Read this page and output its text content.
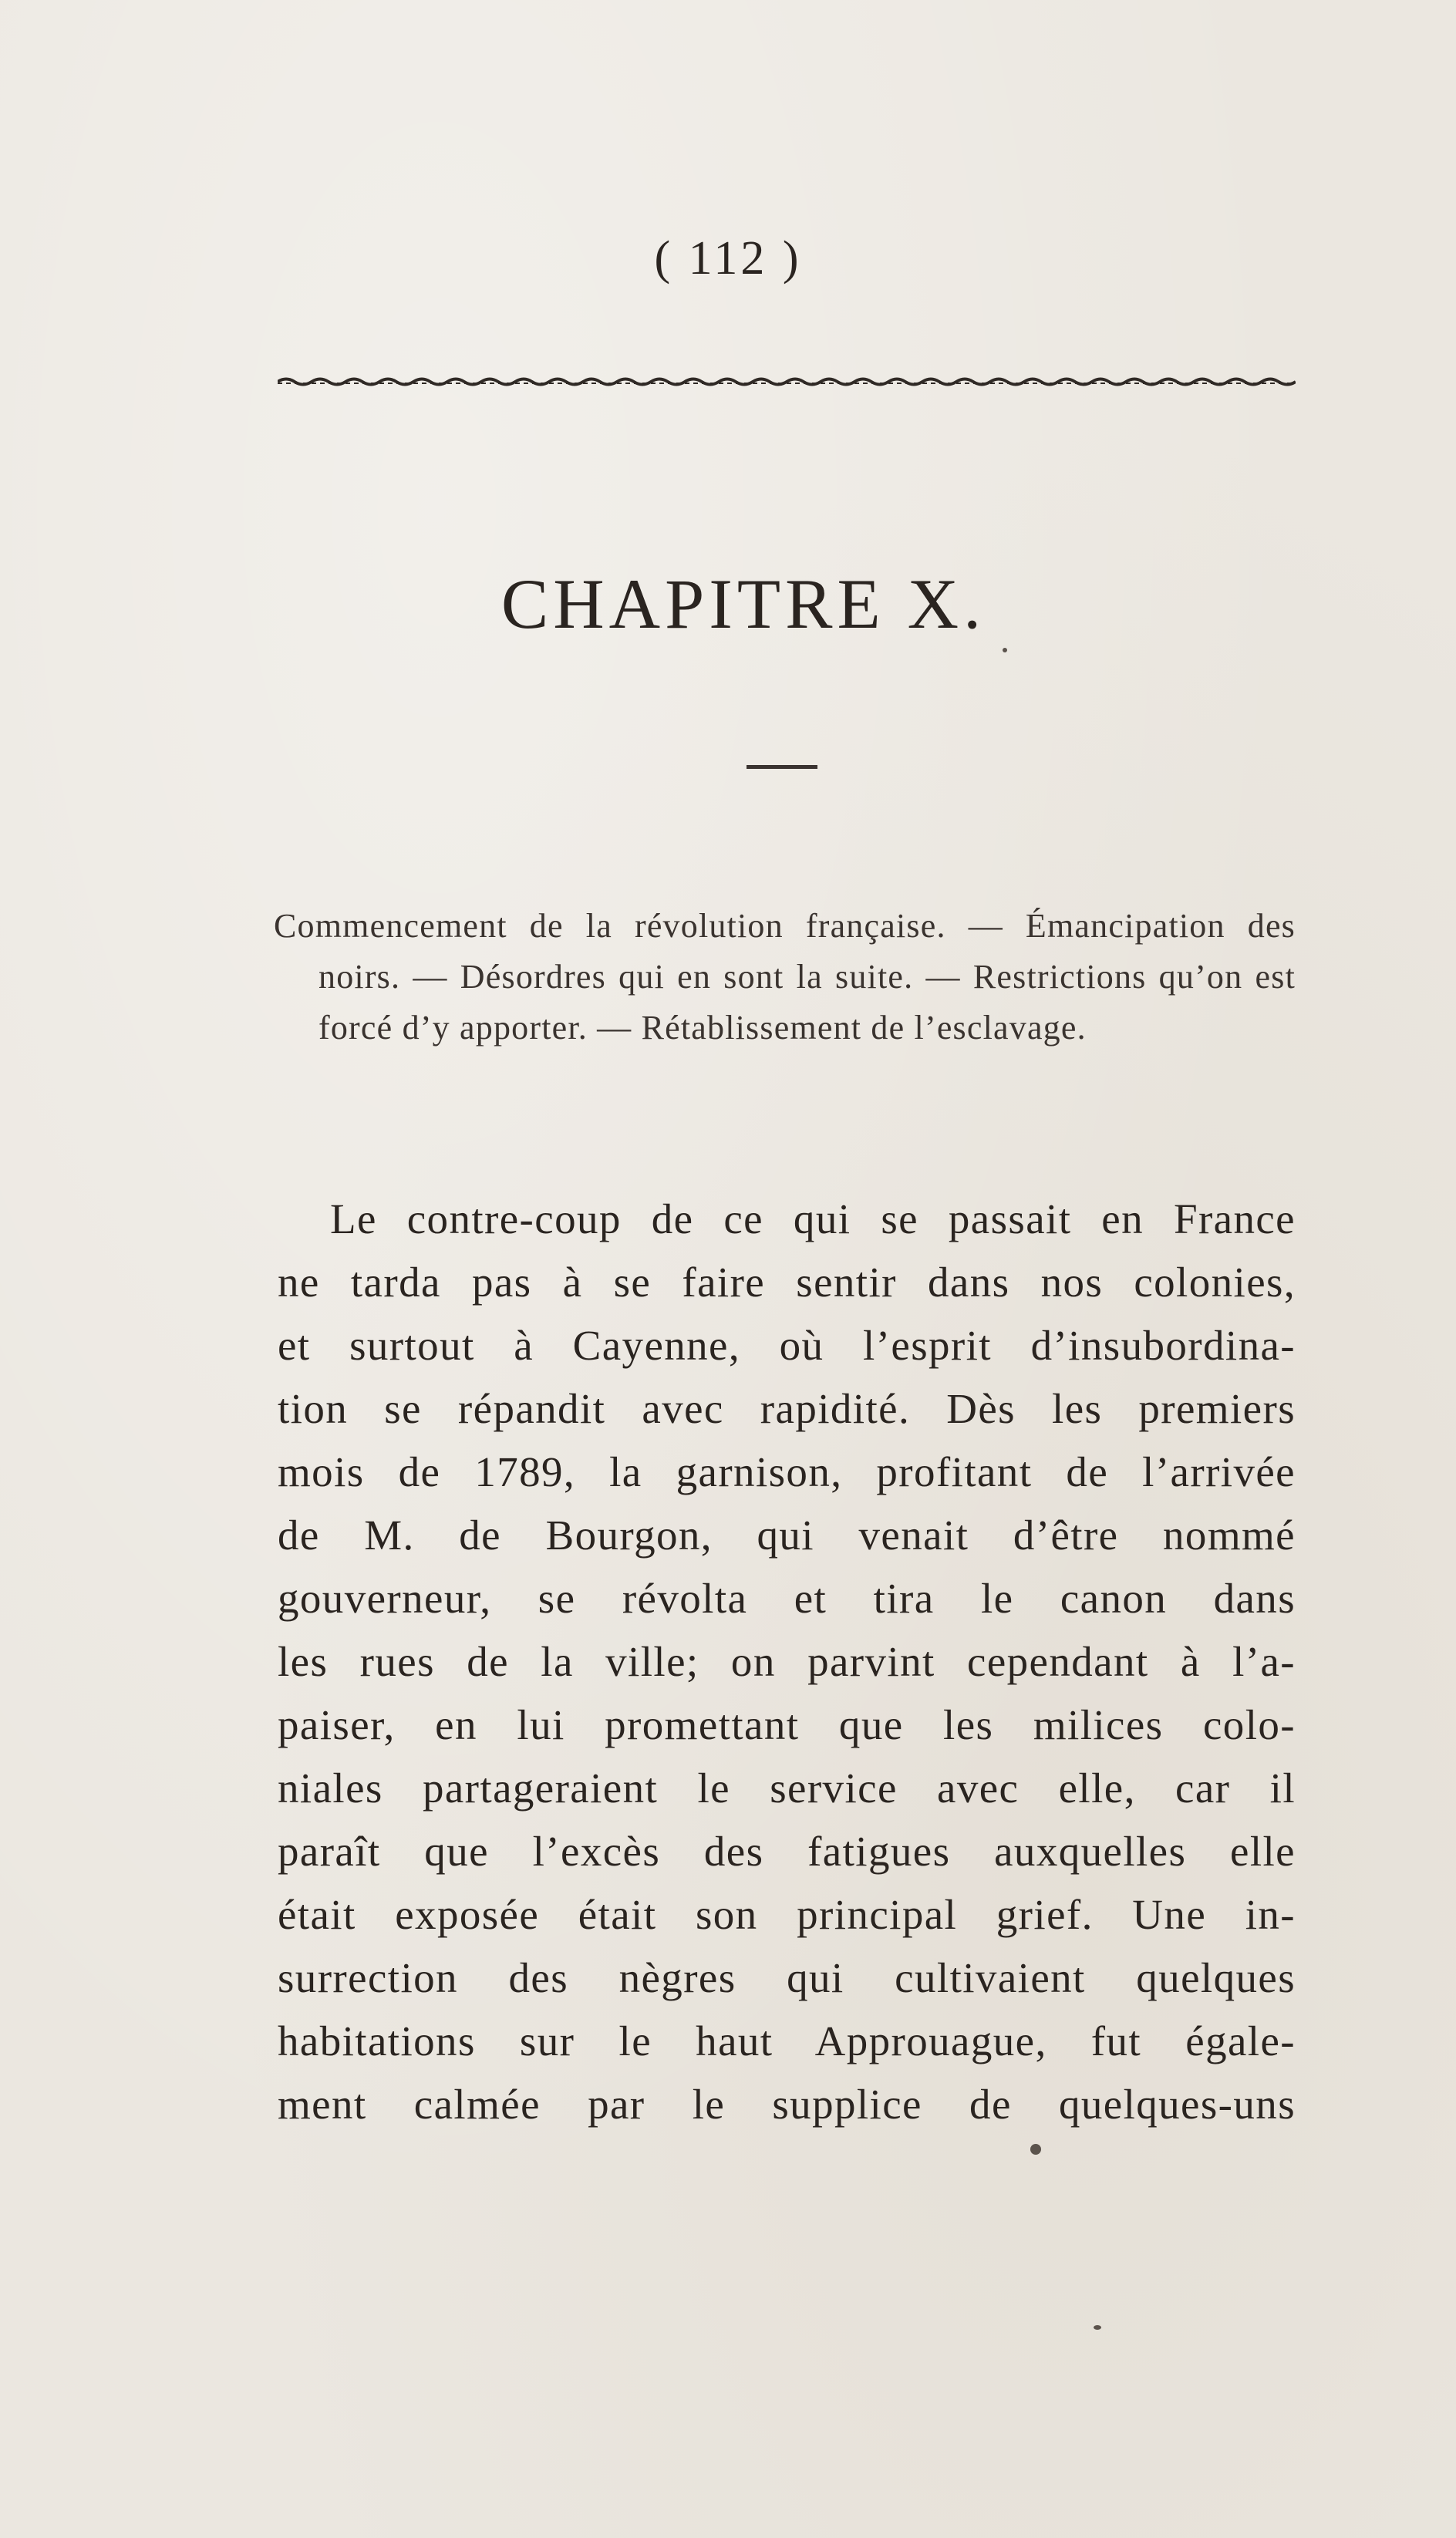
( 112 )
CHAPITRE X.
Commencement de la révolution française. — Émancipation des noirs. — Désordres qui en sont la suite. — Restrictions qu’on est forcé d’y apporter. — Rétablissement de l’esclavage.
Le contre-coup de ce qui se passait en France
ne tarda pas à se faire sentir dans nos colonies,
et surtout à Cayenne, où l’esprit d’insubordina-
tion se répandit avec rapidité. Dès les premiers
mois de 1789, la garnison, profitant de l’arrivée
de M. de Bourgon, qui venait d’être nommé
gouverneur, se révolta et tira le canon dans
les rues de la ville; on parvint cependant à l’a-
paiser, en lui promettant que les milices colo-
niales partageraient le service avec elle, car il
paraît que l’excès des fatigues auxquelles elle
était exposée était son principal grief. Une in-
surrection des nègres qui cultivaient quelques
habitations sur le haut Approuague, fut égale-
ment calmée par le supplice de quelques-uns
